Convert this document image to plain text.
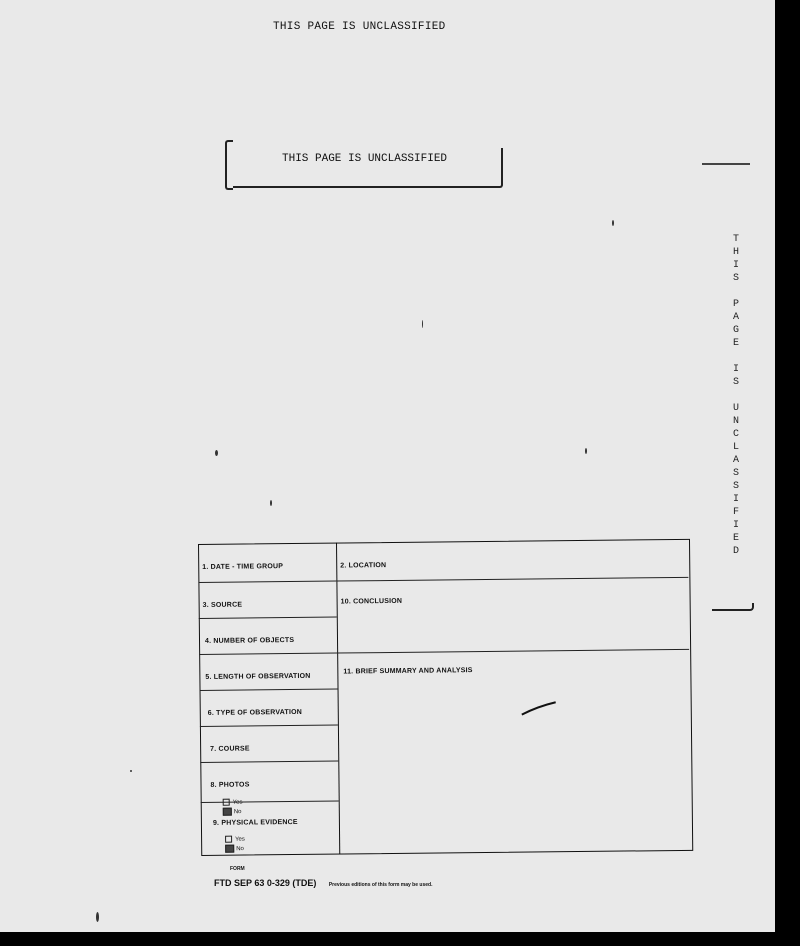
THIS PAGE IS UNCLASSIFIED
THIS PAGE IS UNCLASSIFIED
T
H
I
S
P
A
G
E
I
S
U
N
C
L
A
S
S
I
F
I
E
D
1. DATE - TIME GROUP	2. LOCATION
3. SOURCE	10. CONCLUSION
4. NUMBER OF OBJECTS
5. LENGTH OF OBSERVATION
11. BRIEF SUMMARY AND ANALYSIS
6. TYPE OF OBSERVATION
7. COURSE
8. PHOTOS
Yes
No
9. PHYSICAL EVIDENCE
Yes
No
FORM
FTD SEP 63 0-329 (TDE) Previous editions of this form may be used.
